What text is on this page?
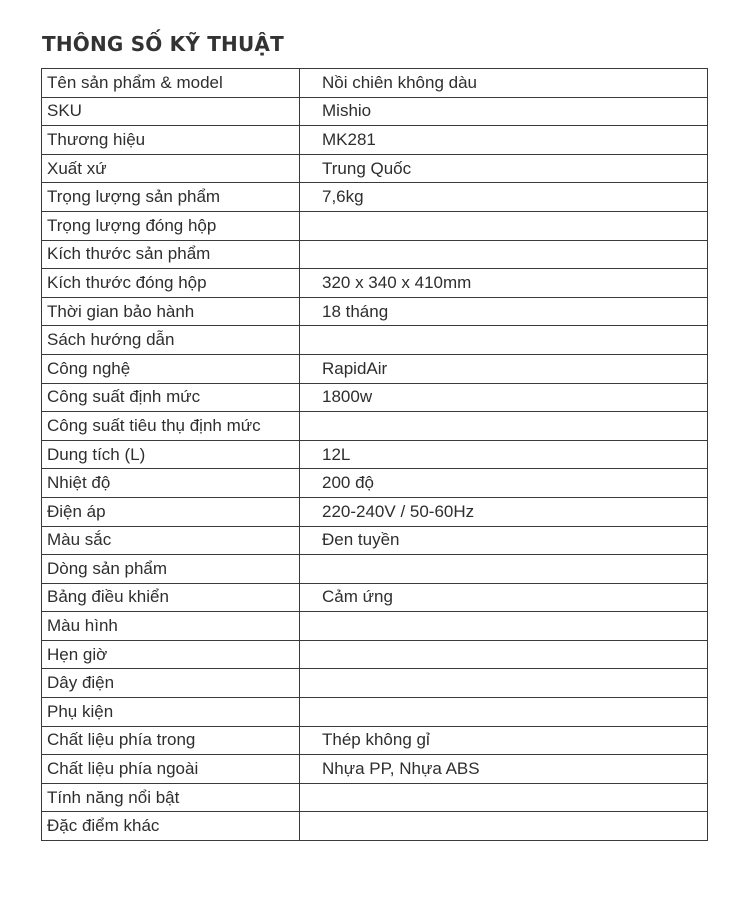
THÔNG SỐ KỸ THUẬT
Tên sản phẩm & model	Nồi chiên không dàu
SKU	Mishio
Thương hiệu	MK281
Xuất xứ	Trung Quốc
Trọng lượng sản phẩm	7,6kg
Trọng lượng đóng hộp	
Kích thước sản phẩm	
Kích thước đóng hộp	320 x 340 x 410mm
Thời gian bảo hành	18 tháng
Sách hướng dẫn	
Công nghệ	RapidAir
Công suất định mức	1800w
Công suất tiêu thụ định mức	
Dung tích (L)	12L
Nhiệt độ	200 độ
Điện áp	220-240V / 50-60Hz
Màu sắc	Đen tuyền
Dòng sản phẩm	
Bảng điều khiển	Cảm ứng
Màu hình	
Hẹn giờ	
Dây điện	
Phụ kiện	
Chất liệu phía trong	Thép không gỉ
Chất liệu phía ngoài	Nhựa PP, Nhựa ABS
Tính năng nổi bật	
Đặc điểm khác	
